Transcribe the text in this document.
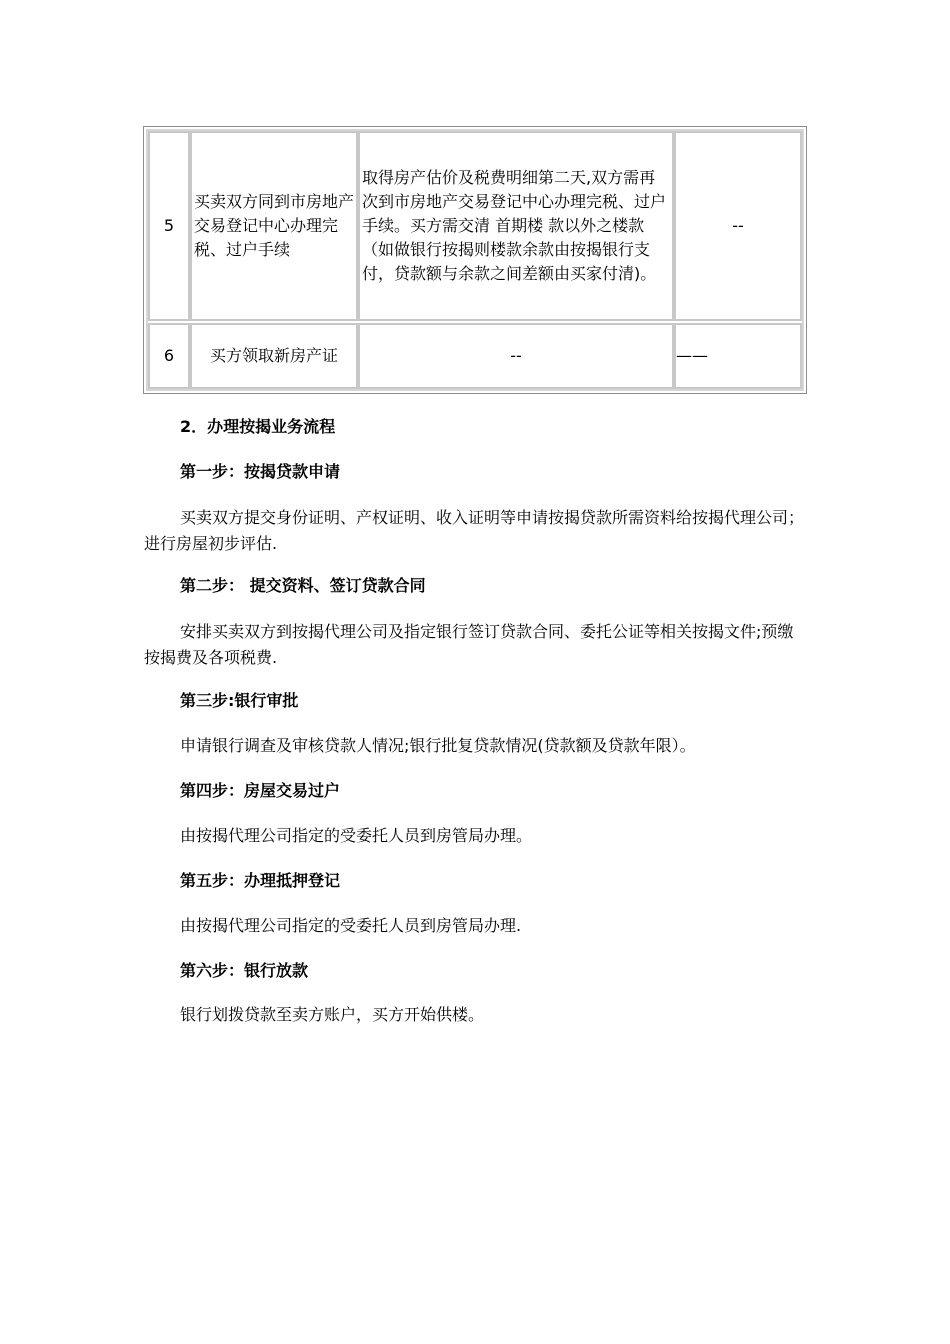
5
买卖双方同到市房地产交易登记中心办理完税、过户手续
取得房产估价及税费明细第二天,双方需再次到市房地产交易登记中心办理完税、过户手续。买方需交清 首期楼 款以外之楼款（如做银行按揭则楼款余款由按揭银行支付，贷款额与余款之间差额由买家付清)。
--
6 买方领取新房产证	--	——
2．办理按揭业务流程
第一步：按揭贷款申请
买卖双方提交身份证明、产权证明、收入证明等申请按揭贷款所需资料给按揭代理公司；进行房屋初步评估.
第二步： 提交资料、签订贷款合同
安排买卖双方到按揭代理公司及指定银行签订贷款合同、委托公证等相关按揭文件;预缴按揭费及各项税费.
第三步:银行审批
申请银行调查及审核贷款人情况;银行批复贷款情况(贷款额及贷款年限）。
第四步：房屋交易过户
由按揭代理公司指定的受委托人员到房管局办理。
第五步：办理抵押登记
由按揭代理公司指定的受委托人员到房管局办理.
第六步：银行放款
银行划拨贷款至卖方账户，买方开始供楼。
